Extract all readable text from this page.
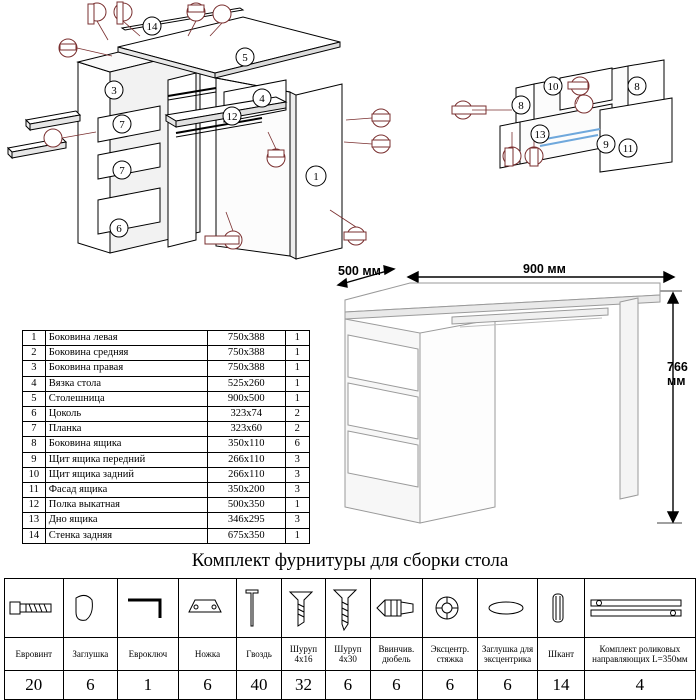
1
12
3
4
5
6
7
7
14
8
9
10	8
13
11
500 мм	900 мм
766 мм
1	Боковина левая	750x388	1
2	Боковина средняя	750x388	1
3	Боковина правая	750x388	1
4	Вязка стола	525x260	1
5	Столешница	900x500	1
6	Цоколь	323x74	2
7	Планка	323x60	2
8	Боковина ящика	350x110	6
9	Щит ящика передний	266x110	3
10	Щит ящика задний	266x110	3
11	Фасад ящика	350x200	3
12	Полка выкатная	500x350	1
13	Дно ящика	346x295	3
14	Стенка задняя	675x350	1
Комплект фурнитуры для сборки стола

Евровинт	Заглушка	Евроключ	Ножка	Гвоздь	Шуруп 4х16	Шуруп 4х30	Ввинчив. дюбель	Эксцентр. стяжка	Заглушка для эксцентрика	Шкант	Комплект роликовых направляющих L=350мм
20	6	1	6	40	32	6	6	6	6	14	4
